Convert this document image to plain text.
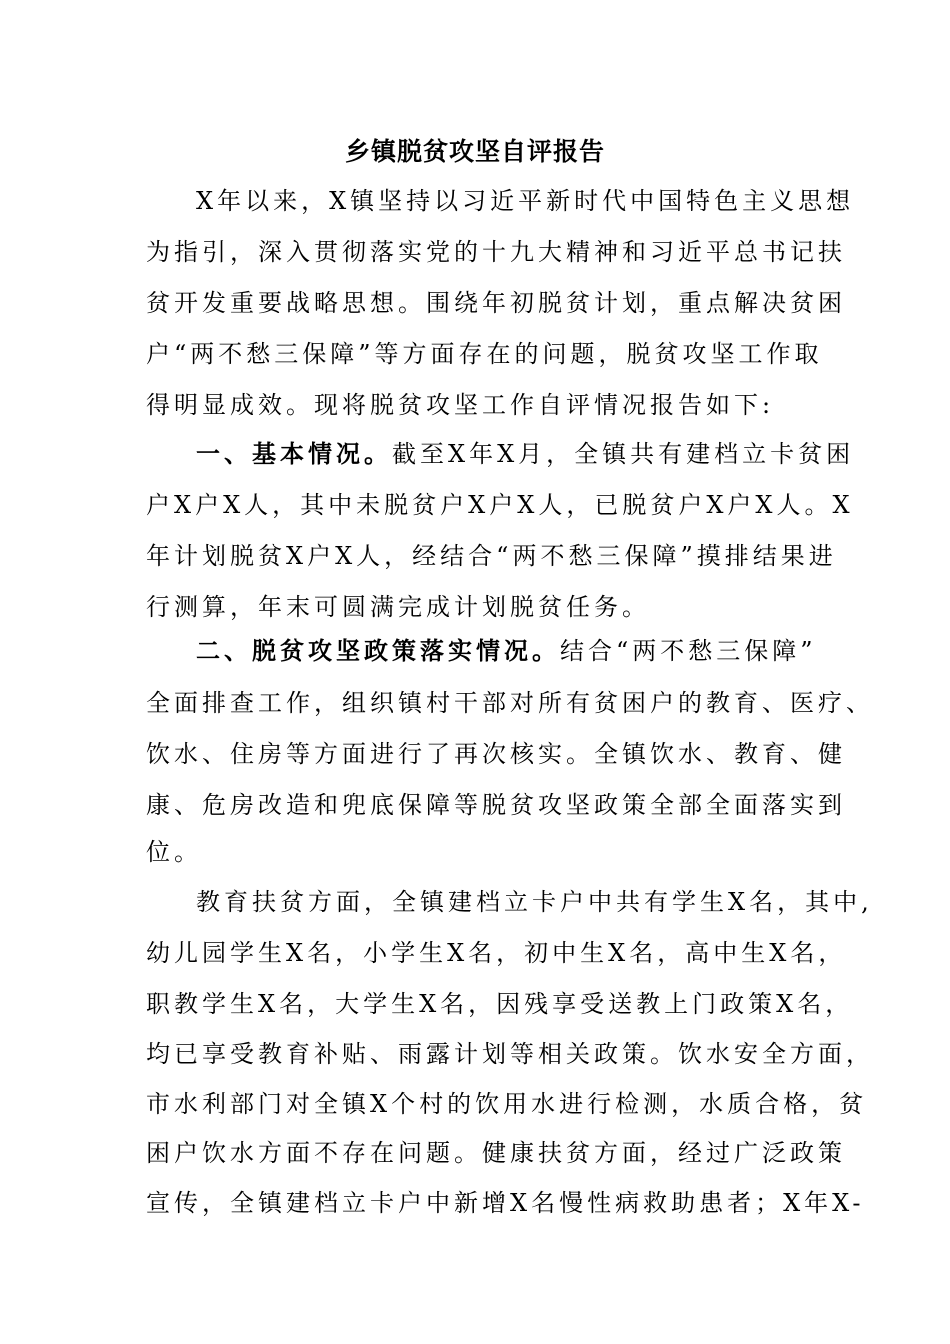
乡镇脱贫攻坚自评报告
X年以来，X镇坚持以习近平新时代中国特色主义思想
为指引，深入贯彻落实党的十九大精神和习近平总书记扶
贫开发重要战略思想。围绕年初脱贫计划，重点解决贫困
户“两不愁三保障”等方面存在的问题，脱贫攻坚工作取
得明显成效。现将脱贫攻坚工作自评情况报告如下:
一、基本情况。截至X年X月，全镇共有建档立卡贫困
户X户X人，其中未脱贫户X户X人，已脱贫户X户X人。X
年计划脱贫X户X人，经结合“两不愁三保障”摸排结果进
行测算，年末可圆满完成计划脱贫任务。
二、脱贫攻坚政策落实情况。结合“两不愁三保障”
全面排查工作，组织镇村干部对所有贫困户的教育、医疗、
饮水、住房等方面进行了再次核实。全镇饮水、教育、健
康、危房改造和兜底保障等脱贫攻坚政策全部全面落实到
位。
教育扶贫方面，全镇建档立卡户中共有学生X名，其中,
幼儿园学生X名，小学生X名，初中生X名，高中生X名，
职教学生X名，大学生X名，因残享受送教上门政策X名，
均已享受教育补贴、雨露计划等相关政策。饮水安全方面，
市水利部门对全镇X个村的饮用水进行检测，水质合格，贫
困户饮水方面不存在问题。健康扶贫方面，经过广泛政策
宣传，全镇建档立卡户中新增X名慢性病救助患者；X年X-
